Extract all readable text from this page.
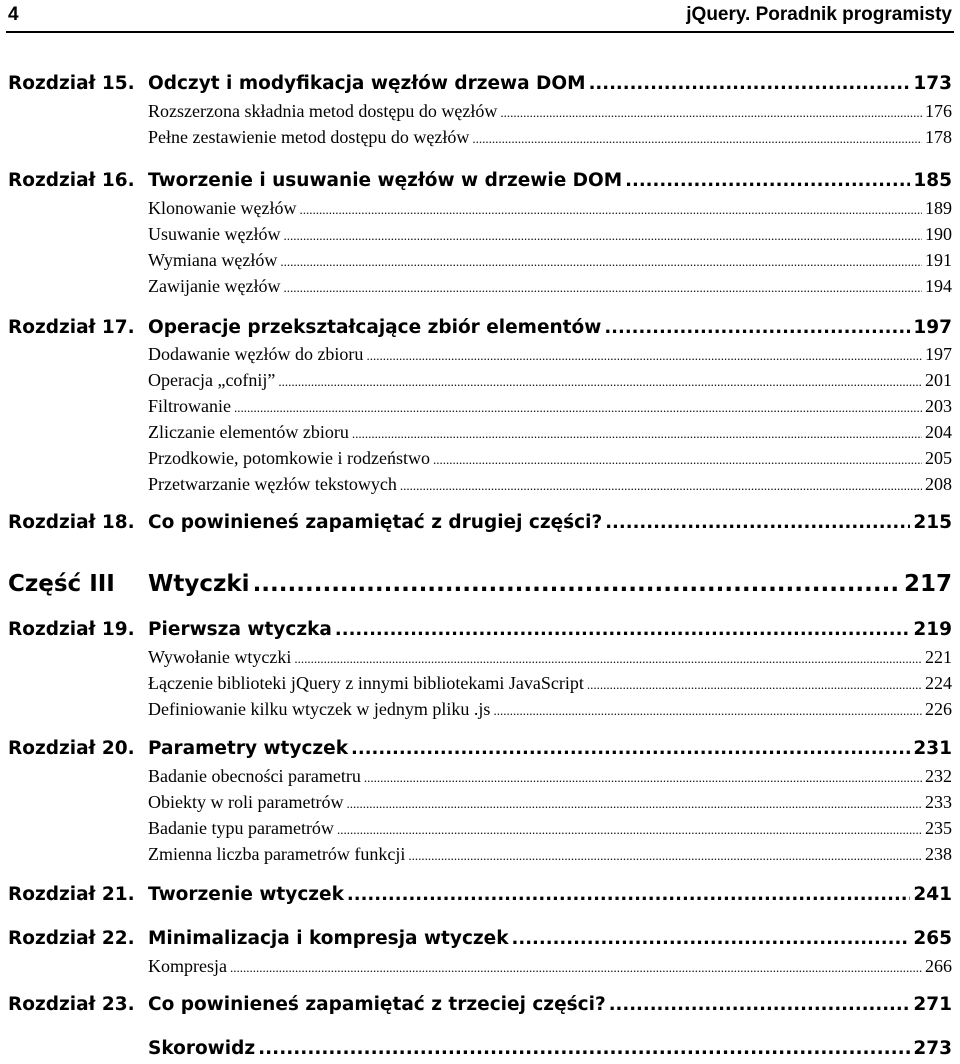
4	jQuery. Poradnik programisty
Rozdział 15. Odczyt i modyfikacja węzłów drzewa DOM .....	173
Rozszerzona składnia metod dostępu do węzłów .....	176
Pełne zestawienie metod dostępu do węzłów .....	178
Rozdział 16. Tworzenie i usuwanie węzłów w drzewie DOM .....	185
Klonowanie węzłów .....	189
Usuwanie węzłów .....	190
Wymiana węzłów .....	191
Zawijanie węzłów .....	194
Rozdział 17. Operacje przekształcające zbiór elementów .....	197
Dodawanie węzłów do zbioru .....	197
Operacja „cofnij” .....	201
Filtrowanie .....	203
Zliczanie elementów zbioru .....	204
Przodkowie, potomkowie i rodzeństwo .....	205
Przetwarzanie węzłów tekstowych .....	208
Rozdział 18. Co powinieneś zapamiętać z drugiej części? .....	215
Część III	Wtyczki .....	217
Rozdział 19. Pierwsza wtyczka .....	219
Wywołanie wtyczki .....	221
Łączenie biblioteki jQuery z innymi bibliotekami JavaScript .....	224
Definiowanie kilku wtyczek w jednym pliku .js .....	226
Rozdział 20. Parametry wtyczek .....	231
Badanie obecności parametru .....	232
Obiekty w roli parametrów .....	233
Badanie typu parametrów .....	235
Zmienna liczba parametrów funkcji .....	238
Rozdział 21. Tworzenie wtyczek .....	241
Rozdział 22. Minimalizacja i kompresja wtyczek .....	265
Kompresja .....	266
Rozdział 23. Co powinieneś zapamiętać z trzeciej części? .....	271
Skorowidz .....	273
